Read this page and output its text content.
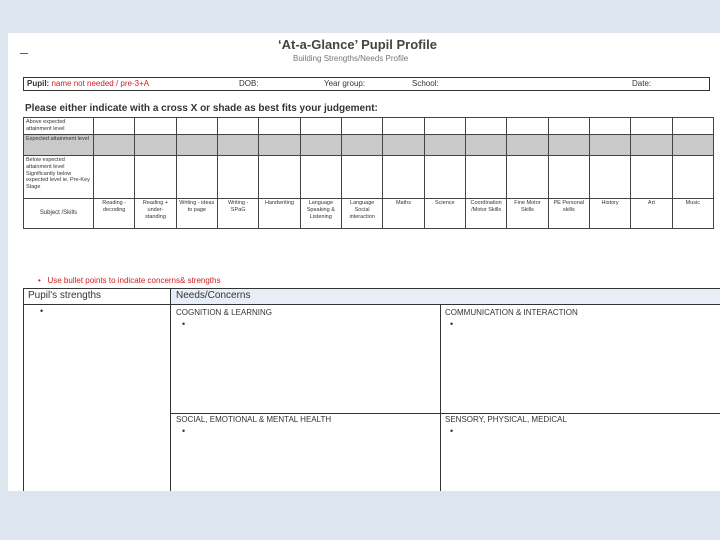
‘At-a-Glance’ Pupil Profile
Building Strengths/Needs Profile
Pupil: name not needed / pre-3+A	DOB:	Year group:	School:	Date:
Please either indicate with a cross X or shade as best fits your judgement:
Above expected attainment level															
Expected attainment level															
Below expected attainment level Significantly below expected level ie. Pre-Key Stage															
Subject /Skills	Reading - decoding	Reading + under- standing	Writing - ideas to page	Writing - SPaG	Handwriting	Language Speaking & Listening	Language Social interaction	Maths	Science	Coordination /Motor Skills	Fine Motor Skills	PE Personal skills	History	Art	Music
• Use bullet points to indicate concerns& strengths
Pupil's strengths	Needs/Concerns
•	COGNITION & LEARNING
•
COMMUNICATION & INTERACTION
•
SOCIAL, EMOTIONAL & MENTAL HEALTH
•
SENSORY, PHYSICAL, MEDICAL
•
